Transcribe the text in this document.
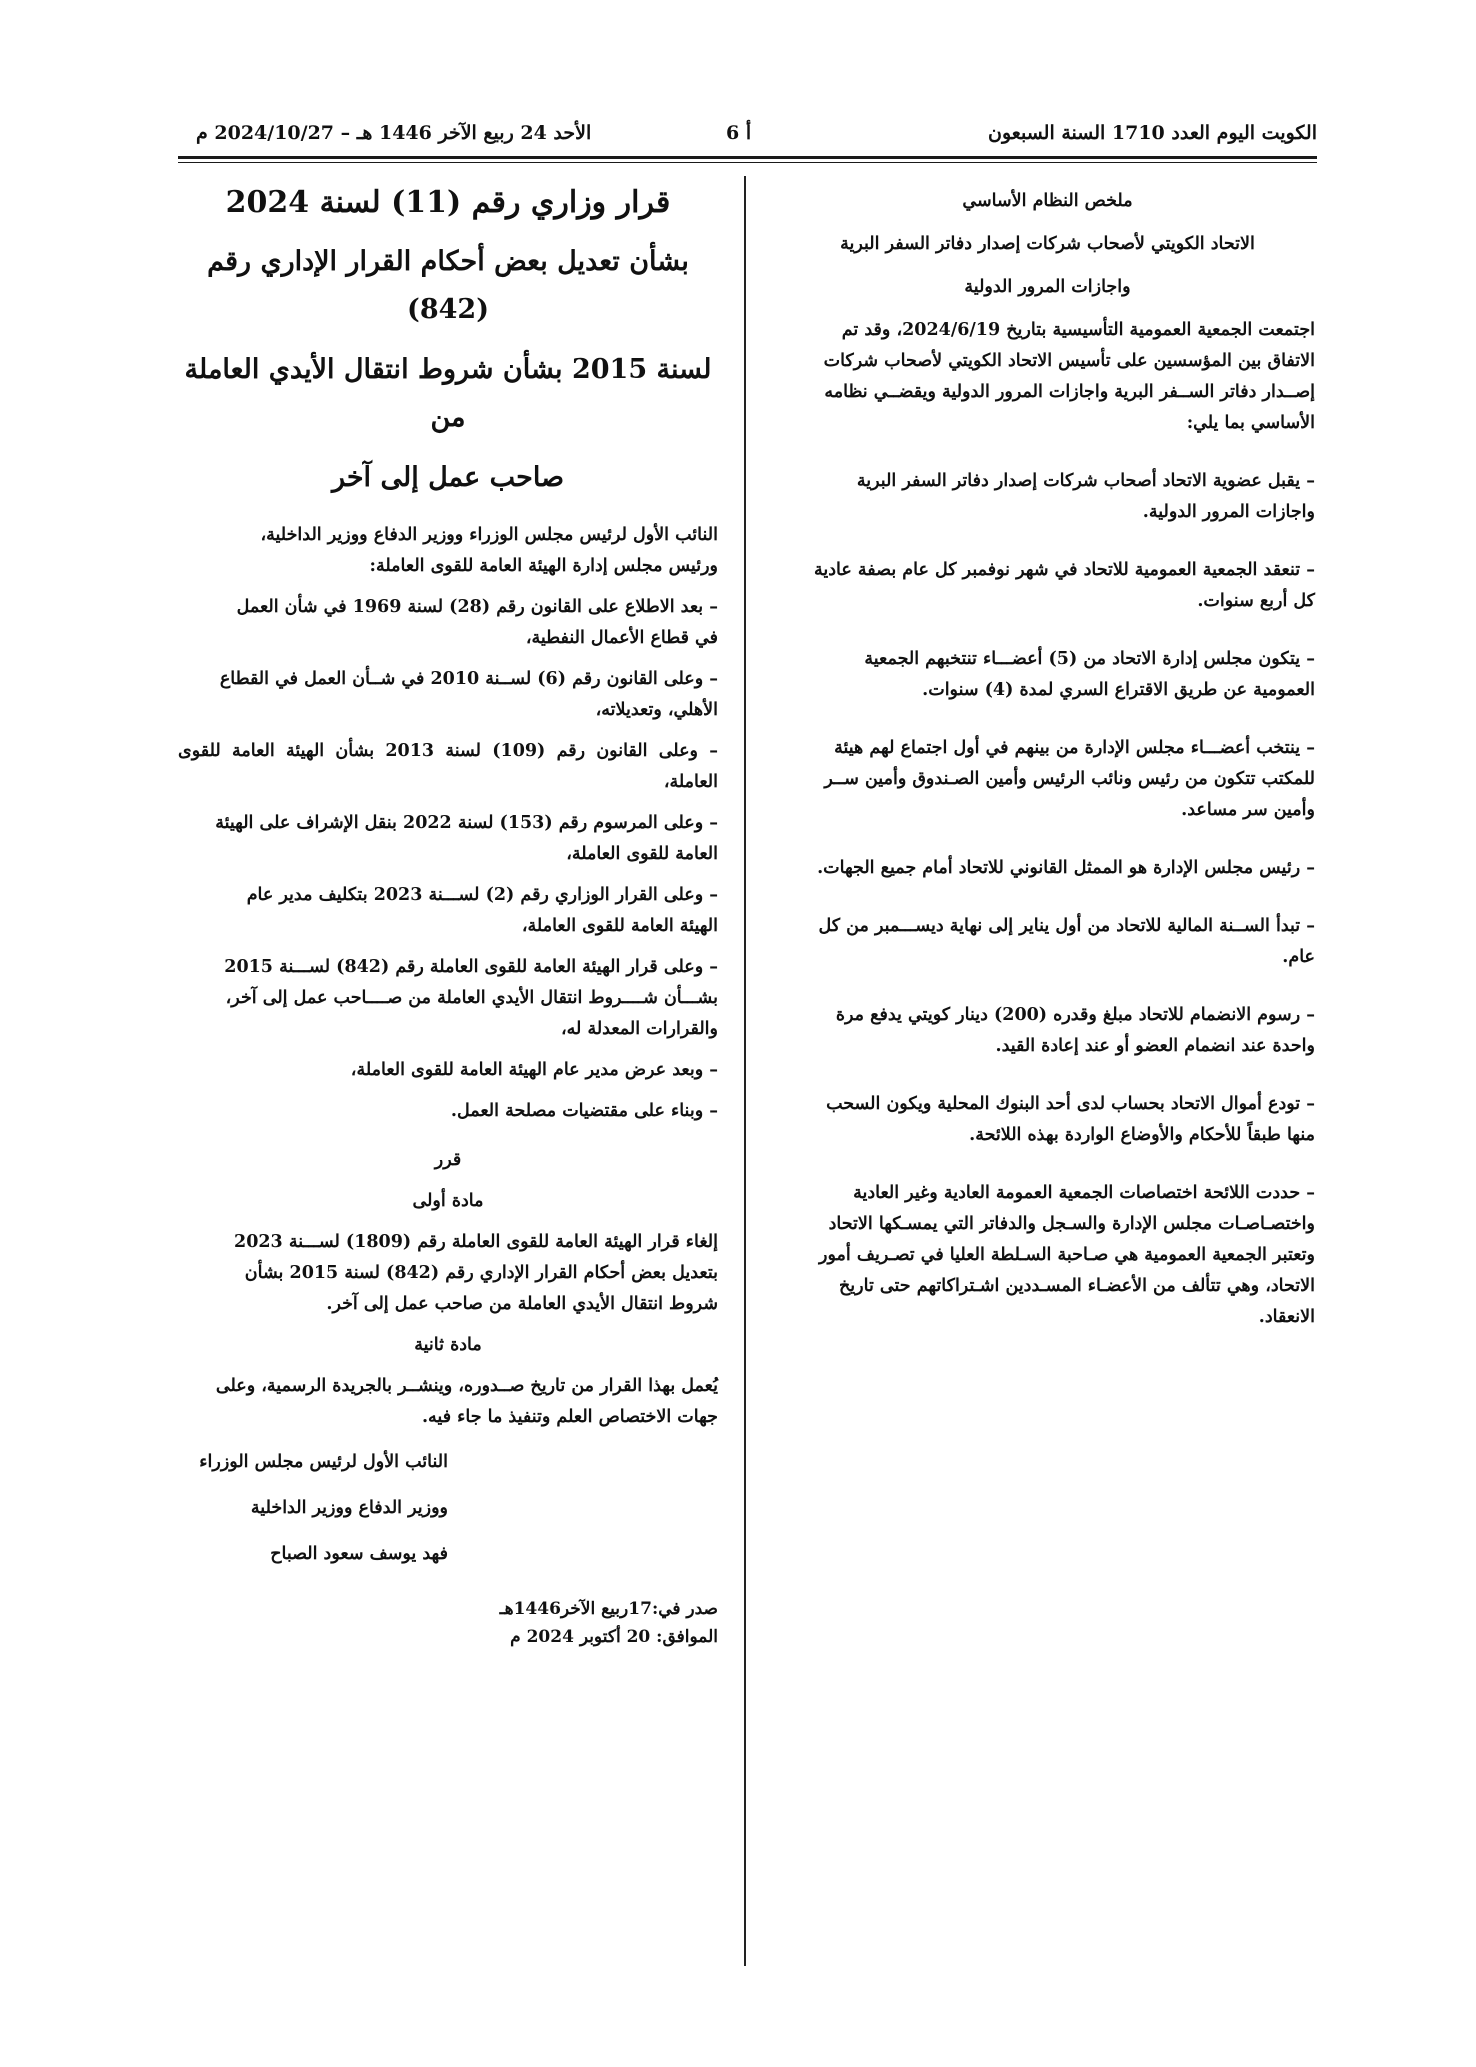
الأحد 24 ربيع الآخر 1446 هـ – 2024/10/27 م	أ 6	الكويت اليوم العدد 1710 السنة السبعون

ملخص النظام الأساسي

الاتحاد الكويتي لأصحاب شركات إصدار دفاتر السفر البرية

واجازات المرور الدولية

اجتمعت الجمعية العمومية التأسيسية بتاريخ 2024/6/19، وقد تم

الاتفاق بين المؤسسين على تأسيس الاتحاد الكويتي لأصحاب شركات

إصــدار دفاتر الســفر البرية واجازات المرور الدولية ويقضــي نظامه

الأساسي بما يلي:

– يقبل عضوية الاتحاد أصحاب شركات إصدار دفاتر السفر البرية

واجازات المرور الدولية.

– تنعقد الجمعية العمومية للاتحاد في شهر نوفمبر كل عام بصفة عادية

كل أربع سنوات.

– يتكون مجلس إدارة الاتحاد من (5) أعضـــاء تنتخبهم الجمعية

العمومية عن طريق الاقتراع السري لمدة (4) سنوات.

– ينتخب أعضـــاء مجلس الإدارة من بينهم في أول اجتماع لهم هيئة

للمكتب تتكون من رئيس ونائب الرئيس وأمين الصـندوق وأمين ســر

وأمين سر مساعد.

– رئيس مجلس الإدارة هو الممثل القانوني للاتحاد أمام جميع الجهات.

– تبدأ الســنة المالية للاتحاد من أول يناير إلى نهاية ديســـمبر من كل

عام.

– رسوم الانضمام للاتحاد مبلغ وقدره (200) دينار كويتي يدفع مرة

واحدة عند انضمام العضو أو عند إعادة القيد.

– تودع أموال الاتحاد بحساب لدى أحد البنوك المحلية ويكون السحب

منها طبقاً للأحكام والأوضاع الواردة بهذه اللائحة.

– حددت اللائحة اختصاصات الجمعية العمومة العادية وغير العادية

واختصـاصـات مجلس الإدارة والسـجل والدفاتر التي يمسـكها الاتحاد

وتعتبر الجمعية العمومية هي صـاحبة السـلطة العليا في تصـريف أمور

الاتحاد، وهي تتألف من الأعضـاء المسـددين اشـتراكاتهم حتى تاريخ

الانعقاد.

قرار وزاري رقم (11) لسنة 2024

بشأن تعديل بعض أحكام القرار الإداري رقم (842)

لسنة 2015 بشأن شروط انتقال الأيدي العاملة من

صاحب عمل إلى آخر

النائب الأول لرئيس مجلس الوزراء ووزير الدفاع ووزير الداخلية،

ورئيس مجلس إدارة الهيئة العامة للقوى العاملة:

– بعد الاطلاع على القانون رقم (28) لسنة 1969 في شأن العمل

في قطاع الأعمال النفطية،

– وعلى القانون رقم (6) لســنة 2010 في شــأن العمل في القطاع

الأهلي، وتعديلاته،

– وعلى القانون رقم (109) لسنة 2013 بشأن الهيئة العامة للقوى العاملة،

– وعلى المرسوم رقم (153) لسنة 2022 بنقل الإشراف على الهيئة

العامة للقوى العاملة،

– وعلى القرار الوزاري رقم (2) لســـنة 2023 بتكليف مدير عام

الهيئة العامة للقوى العاملة،

– وعلى قرار الهيئة العامة للقوى العاملة رقم (842) لســـنة 2015

بشـــأن شــــروط انتقال الأيدي العاملة من صــــاحب عمل إلى آخر،

والقرارات المعدلة له،

– وبعد عرض مدير عام الهيئة العامة للقوى العاملة،

– وبناء على مقتضيات مصلحة العمل.

قرر

مادة أولى

إلغاء قرار الهيئة العامة للقوى العاملة رقم (1809) لســـنة 2023

بتعديل بعض أحكام القرار الإداري رقم (842) لسنة 2015 بشأن

شروط انتقال الأيدي العاملة من صاحب عمل إلى آخر.

مادة ثانية

يُعمل بهذا القرار من تاريخ صــدوره، وينشــر بالجريدة الرسمية، وعلى

جهات الاختصاص العلم وتنفيذ ما جاء فيه.

النائب الأول لرئيس مجلس الوزراء

ووزير الدفاع ووزير الداخلية

فهد يوسف سعود الصباح

صدر في:17ربيع الآخر1446هـ

الموافق: 20 أكتوبر 2024 م
